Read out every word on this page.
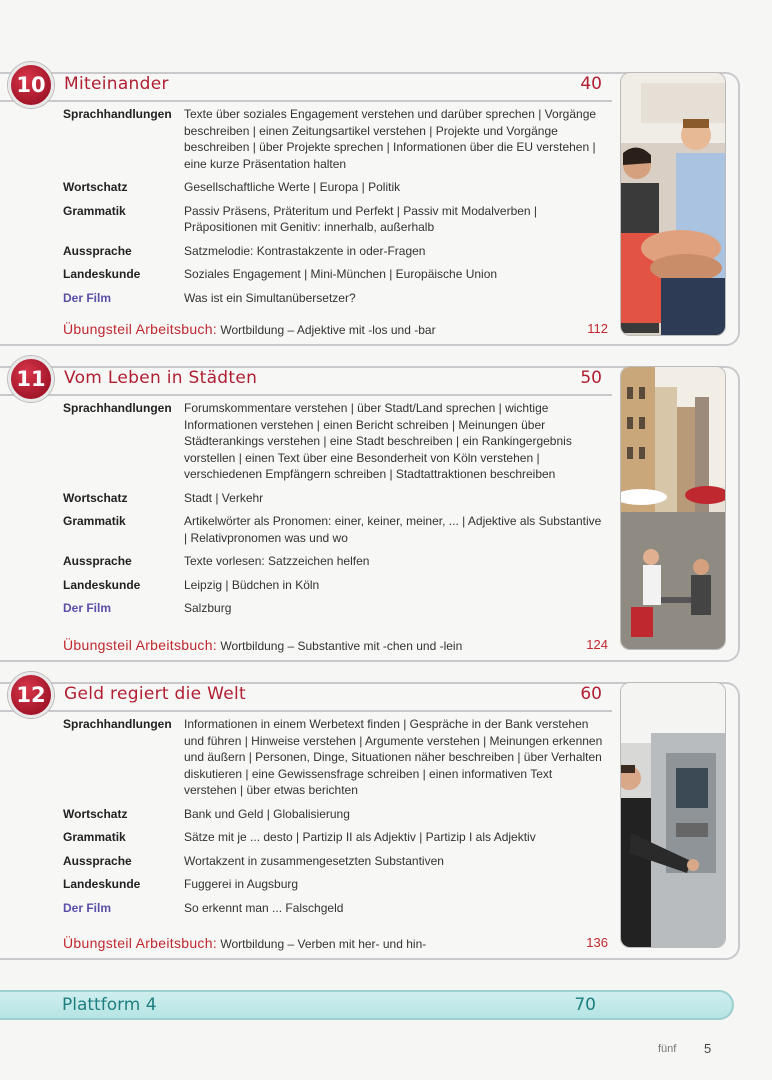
10	Miteinander	40
Sprachhandlungen	Texte über soziales Engagement verstehen und darüber sprechen | Vorgänge beschreiben | einen Zeitungsartikel verstehen | Projekte und Vorgänge beschreiben | über Projekte sprechen | Informationen über die EU verstehen | eine kurze Präsentation halten
Wortschatz	Gesellschaftliche Werte | Europa | Politik
Grammatik	Passiv Präsens, Präteritum und Perfekt | Passiv mit Modalverben | Präpositionen mit Genitiv: innerhalb, außerhalb
Aussprache	Satzmelodie: Kontrastakzente in oder-Fragen
Landeskunde	Soziales Engagement | Mini-München | Europäische Union
Der Film	Was ist ein Simultanübersetzer?
Übungsteil Arbeitsbuch: Wortbildung – Adjektive mit -los und -bar	112
11	Vom Leben in Städten	50
Sprachhandlungen	Forumskommentare verstehen | über Stadt/Land sprechen | wichtige Informationen verstehen | einen Bericht schreiben | Meinungen über Städterankings verstehen | eine Stadt beschreiben | ein Rankingergebnis vorstellen | einen Text über eine Besonderheit von Köln verstehen | verschiedenen Empfängern schreiben | Stadtattraktionen beschreiben
Wortschatz	Stadt | Verkehr
Grammatik	Artikelwörter als Pronomen: einer, keiner, meiner, ... | Adjektive als Substantive | Relativpronomen was und wo
Aussprache	Texte vorlesen: Satzzeichen helfen
Landeskunde	Leipzig | Büdchen in Köln
Der Film	Salzburg
Übungsteil Arbeitsbuch: Wortbildung – Substantive mit -chen und -lein	124
12	Geld regiert die Welt	60
Sprachhandlungen	Informationen in einem Werbetext finden | Gespräche in der Bank verstehen und führen | Hinweise verstehen | Argumente verstehen | Meinungen erkennen und äußern | Personen, Dinge, Situationen näher beschreiben | über Verhalten diskutieren | eine Gewissensfrage schreiben | einen informativen Text verstehen | über etwas berichten
Wortschatz	Bank und Geld | Globalisierung
Grammatik	Sätze mit je ... desto | Partizip II als Adjektiv | Partizip I als Adjektiv
Aussprache	Wortakzent in zusammengesetzten Substantiven
Landeskunde	Fuggerei in Augsburg
Der Film	So erkennt man ... Falschgeld
Übungsteil Arbeitsbuch: Wortbildung – Verben mit her- und hin-	136
Plattform 4	70
fünf 5
